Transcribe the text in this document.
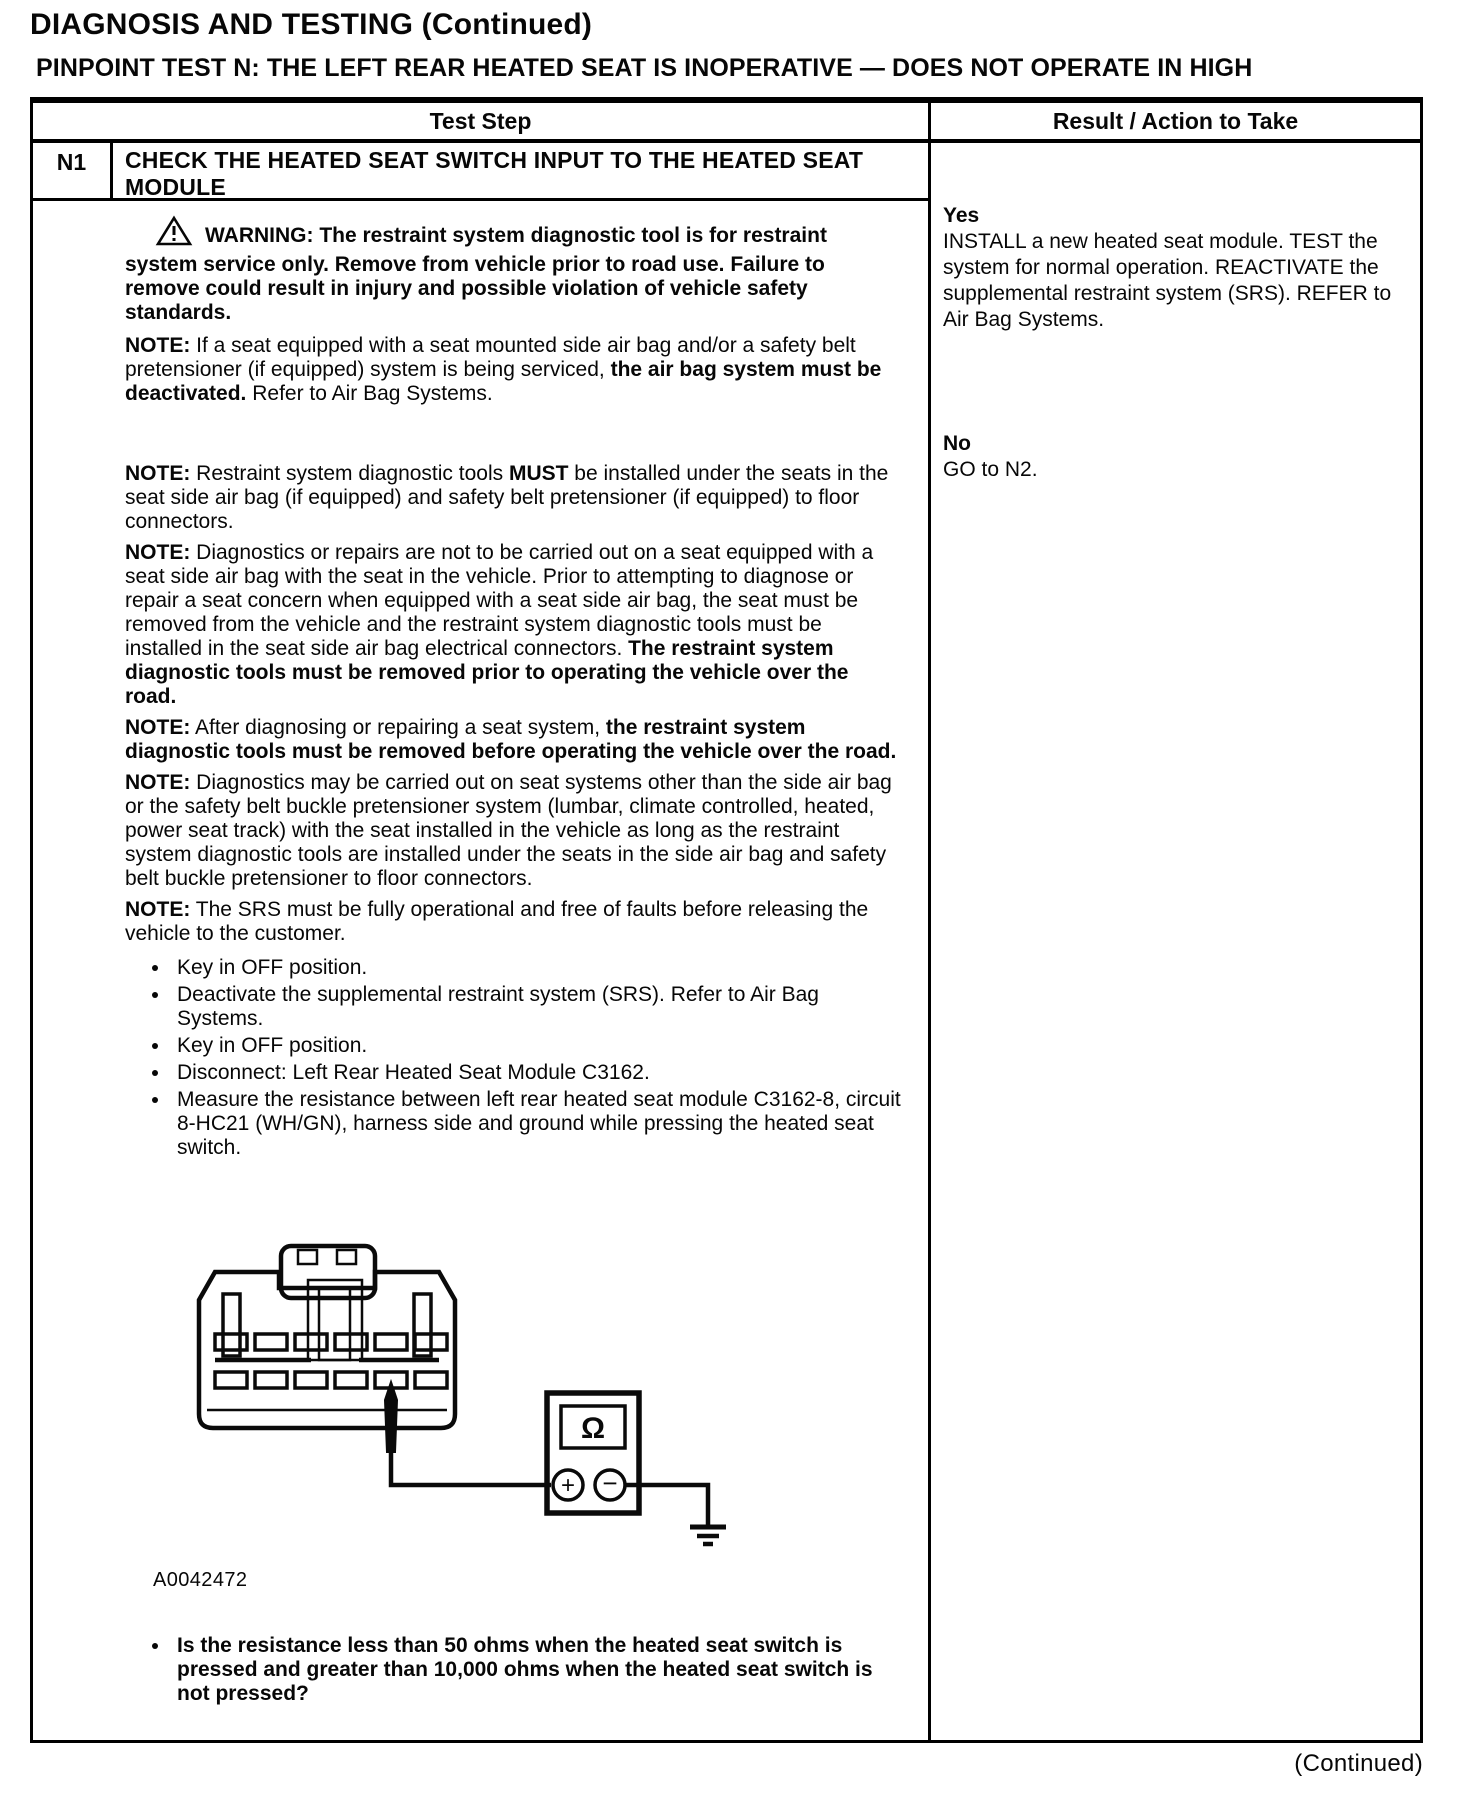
DIAGNOSIS AND TESTING (Continued)
PINPOINT TEST N: THE LEFT REAR HEATED SEAT IS INOPERATIVE — DOES NOT OPERATE IN HIGH
Test Step	Result / Action to Take
N1	CHECK THE HEATED SEAT SWITCH INPUT TO THE HEATED SEAT MODULE

WARNING: The restraint system diagnostic tool is for restraint system service only. Remove from vehicle prior to road use. Failure to remove could result in injury and possible violation of vehicle safety standards.

NOTE: If a seat equipped with a seat mounted side air bag and/or a safety belt pretensioner (if equipped) system is being serviced, the air bag system must be deactivated. Refer to Air Bag Systems.

NOTE: Restraint system diagnostic tools MUST be installed under the seats in the seat side air bag (if equipped) and safety belt pretensioner (if equipped) to floor connectors.

NOTE: Diagnostics or repairs are not to be carried out on a seat equipped with a seat side air bag with the seat in the vehicle. Prior to attempting to diagnose or repair a seat concern when equipped with a seat side air bag, the seat must be removed from the vehicle and the restraint system diagnostic tools must be installed in the seat side air bag electrical connectors. The restraint system diagnostic tools must be removed prior to operating the vehicle over the road.

NOTE: After diagnosing or repairing a seat system, the restraint system diagnostic tools must be removed before operating the vehicle over the road.

NOTE: Diagnostics may be carried out on seat systems other than the side air bag or the safety belt buckle pretensioner system (lumbar, climate controlled, heated, power seat track) with the seat installed in the vehicle as long as the restraint system diagnostic tools are installed under the seats in the side air bag and safety belt buckle pretensioner to floor connectors.

NOTE: The SRS must be fully operational and free of faults before releasing the vehicle to the customer.

• Key in OFF position.
• Deactivate the supplemental restraint system (SRS). Refer to Air Bag Systems.
• Key in OFF position.
• Disconnect: Left Rear Heated Seat Module C3162.
• Measure the resistance between left rear heated seat module C3162-8, circuit 8-HC21 (WH/GN), harness side and ground while pressing the heated seat switch.
Ω
+ −
A0042472
• Is the resistance less than 50 ohms when the heated seat switch is pressed and greater than 10,000 ohms when the heated seat switch is not pressed?
Yes
INSTALL a new heated seat module. TEST the system for normal operation. REACTIVATE the supplemental restraint system (SRS). REFER to Air Bag Systems.
No
GO to N2.
(Continued)
